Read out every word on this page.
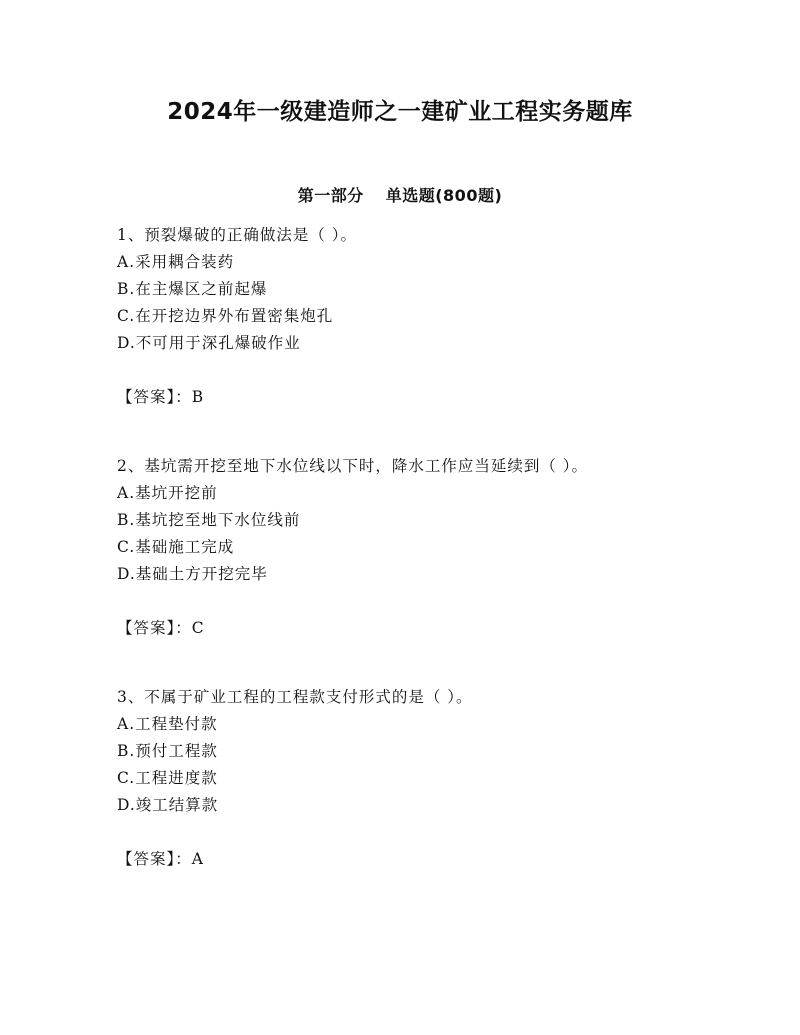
2024年一级建造师之一建矿业工程实务题库
第一部分 单选题(800题)
1、预裂爆破的正确做法是（ ）。
A.采用耦合装药
B.在主爆区之前起爆
C.在开挖边界外布置密集炮孔
D.不可用于深孔爆破作业
【答案】：B
2、基坑需开挖至地下水位线以下时，降水工作应当延续到（ ）。
A.基坑开挖前
B.基坑挖至地下水位线前
C.基础施工完成
D.基础土方开挖完毕
【答案】：C
3、不属于矿业工程的工程款支付形式的是（ ）。
A.工程垫付款
B.预付工程款
C.工程进度款
D.竣工结算款
【答案】：A
